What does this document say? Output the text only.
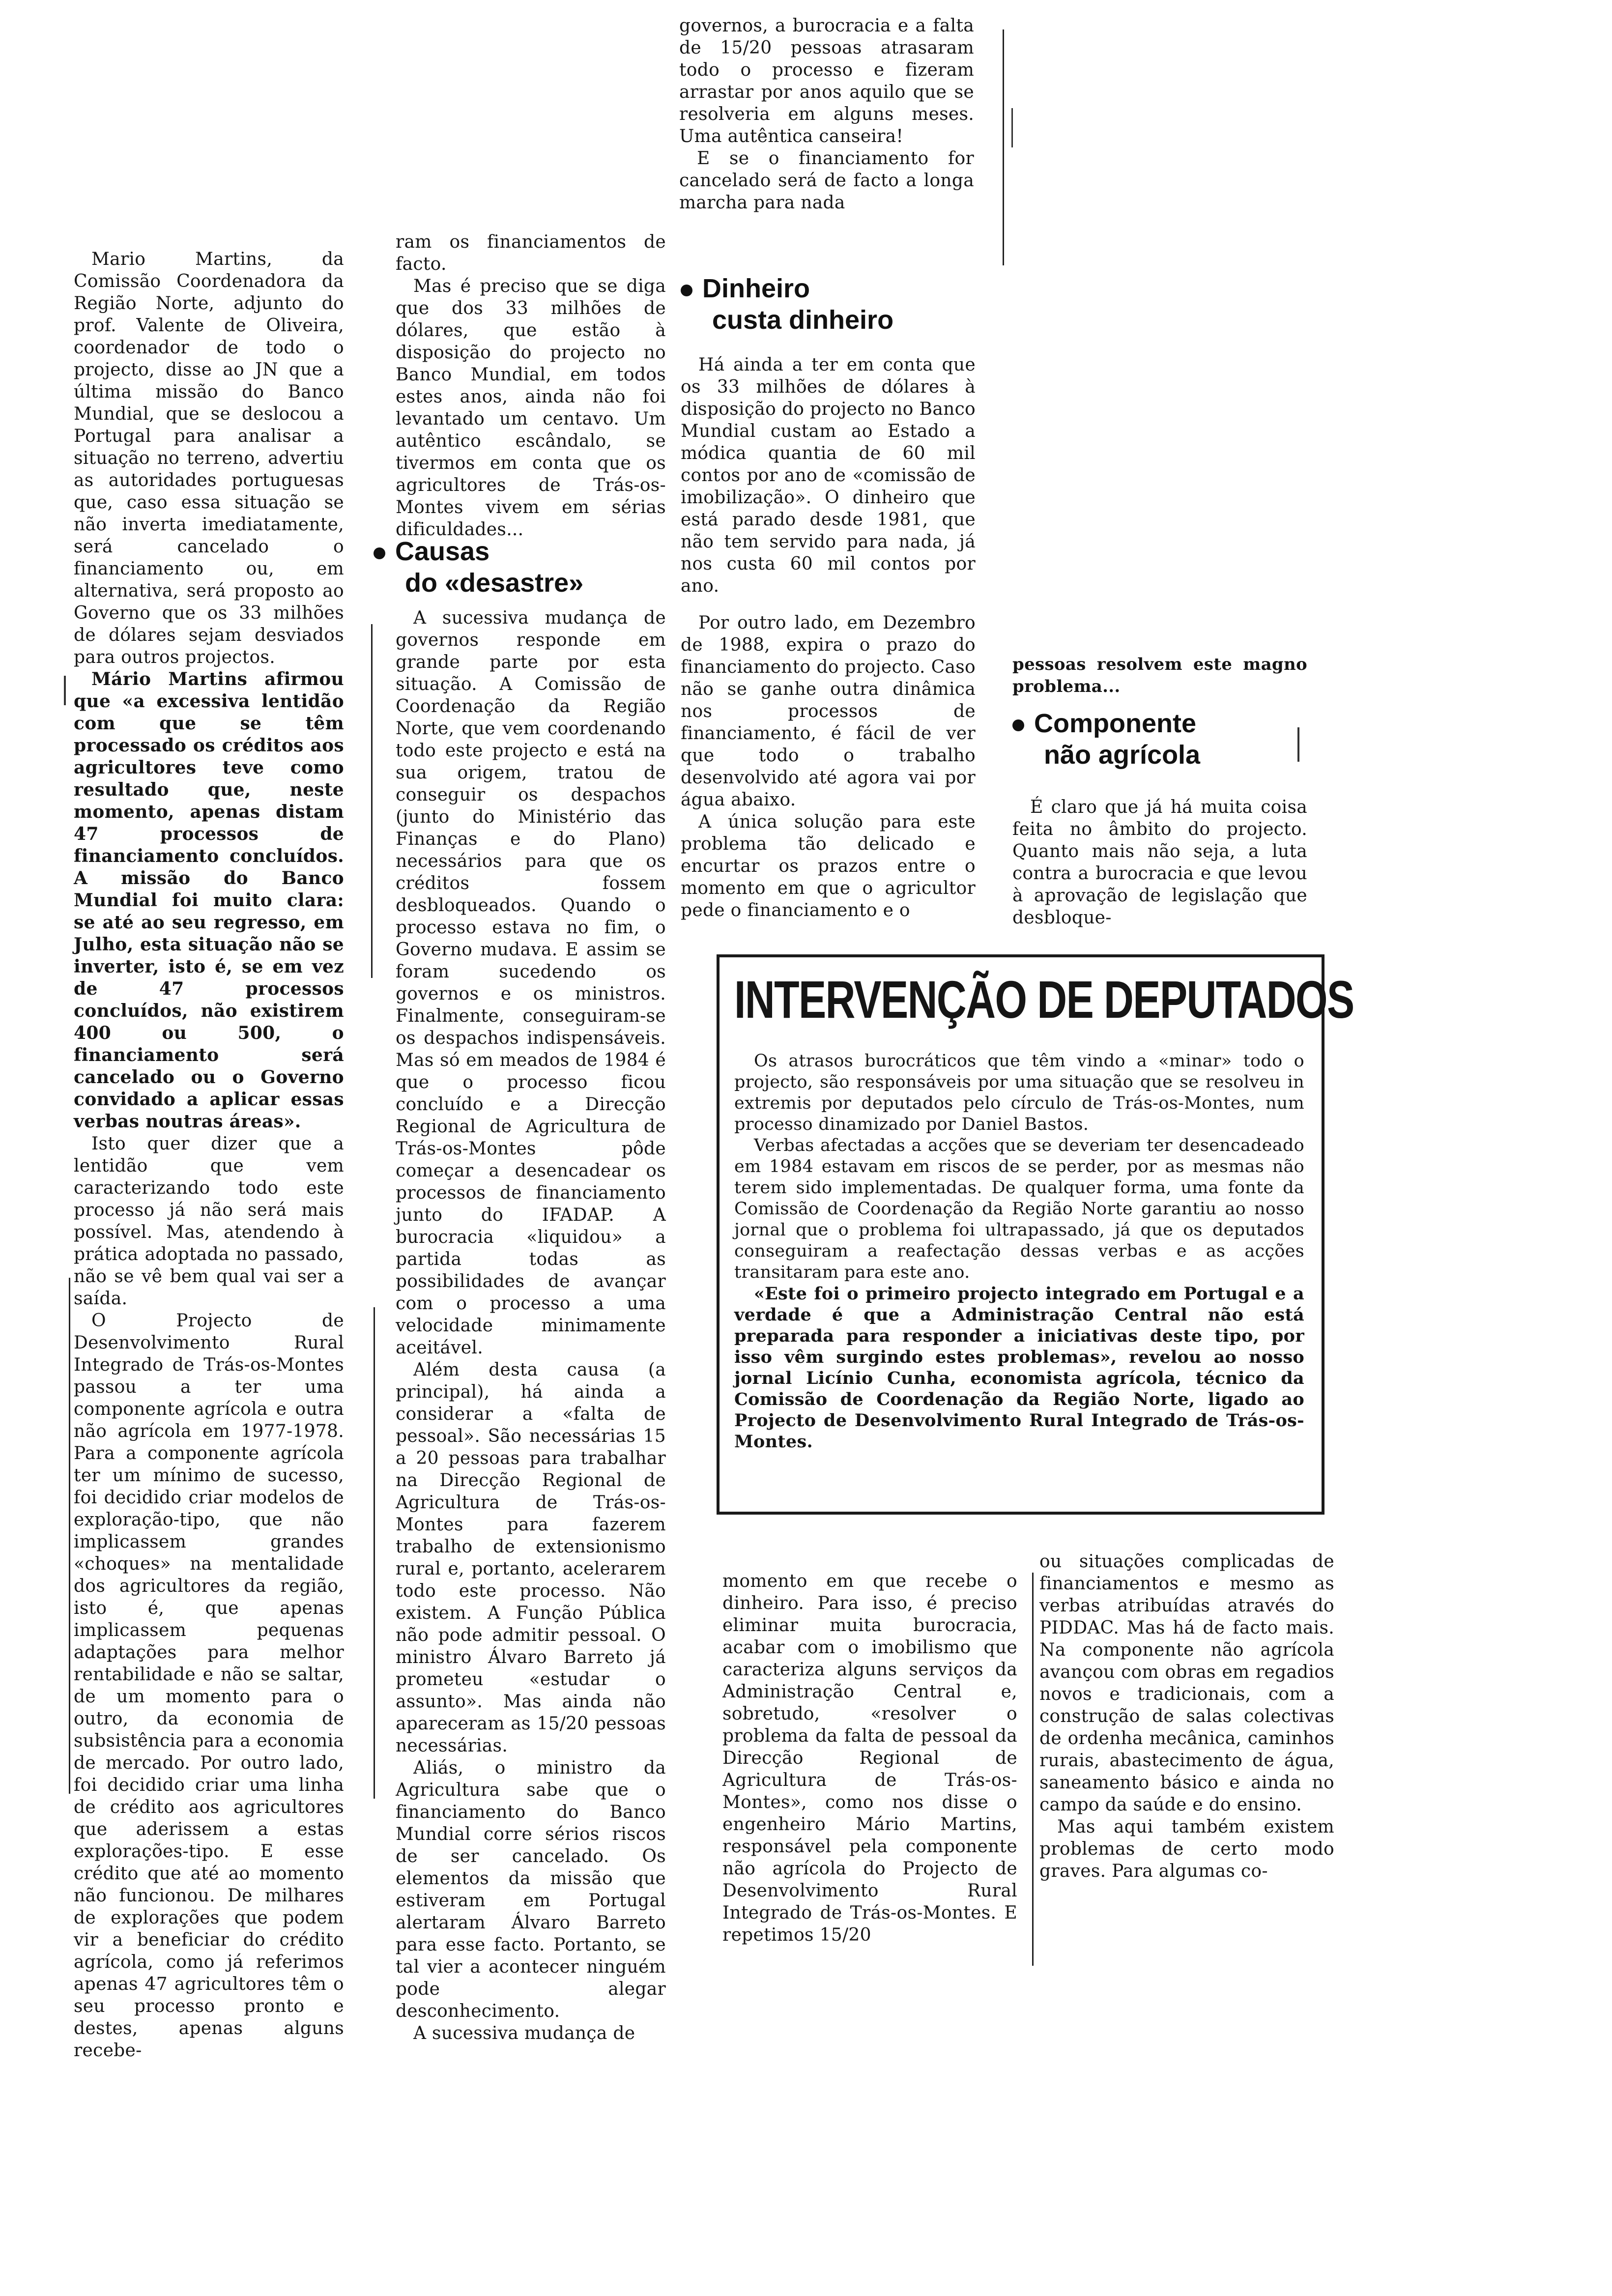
governos, a burocracia e a falta de 15/20 pessoas atrasaram todo o processo e fizeram arrastar por anos aquilo que se resolveria em alguns meses. Uma autêntica canseira!

E se o financiamento for cancelado será de facto a longa marcha para nada

Mario Martins, da Comissão Coordenadora da Região Norte, adjunto do prof. Valente de Oliveira, coordenador de todo o projecto, disse ao JN que a última missão do Banco Mundial, que se deslocou a Portugal para analisar a situação no terreno, advertiu as autoridades portuguesas que, caso essa situação se não inverta imediatamente, será cancelado o financiamento ou, em alternativa, será proposto ao Governo que os 33 milhões de dólares sejam desviados para outros projectos.

Mário Martins afirmou que «a excessiva lentidão com que se têm processado os créditos aos agricultores teve como resultado que, neste momento, apenas distam 47 processos de financiamento concluídos. A missão do Banco Mundial foi muito clara: se até ao seu regresso, em Julho, esta situação não se inverter, isto é, se em vez de 47 processos concluídos, não existirem 400 ou 500, o financiamento será cancelado ou o Governo convidado a aplicar essas verbas noutras áreas».

Isto quer dizer que a lentidão que vem caracterizando todo este processo já não será mais possível. Mas, atendendo à prática adoptada no passado, não se vê bem qual vai ser a saída.

O Projecto de Desenvolvimento Rural Integrado de Trás-os-Montes passou a ter uma componente agrícola e outra não agrícola em 1977-1978. Para a componente agrícola ter um mínimo de sucesso, foi decidido criar modelos de exploração-tipo, que não implicassem grandes «choques» na mentalidade dos agricultores da região, isto é, que apenas implicassem pequenas adaptações para melhor rentabilidade e não se saltar, de um momento para o outro, da economia de subsistência para a economia de mercado. Por outro lado, foi decidido criar uma linha de crédito aos agricultores que aderissem a estas explorações-tipo. E esse crédito que até ao momento não funcionou. De milhares de explorações que podem vir a beneficiar do crédito agrícola, como já referimos apenas 47 agricultores têm o seu processo pronto e destes, apenas alguns recebe-

ram os financiamentos de facto.

Mas é preciso que se diga que dos 33 milhões de dólares, que estão à disposição do projecto no Banco Mundial, em todos estes anos, ainda não foi levantado um centavo. Um autêntico escândalo, se tivermos em conta que os agricultores de Trás-os-Montes vivem em sérias dificuldades...

Causas
do «desastre»

A sucessiva mudança de governos responde em grande parte por esta situação. A Comissão de Coordenação da Região Norte, que vem coordenando todo este projecto e está na sua origem, tratou de conseguir os despachos (junto do Ministério das Finanças e do Plano) necessários para que os créditos fossem desbloqueados. Quando o processo estava no fim, o Governo mudava. E assim se foram sucedendo os governos e os ministros. Finalmente, conseguiram-se os despachos indispensáveis. Mas só em meados de 1984 é que o processo ficou concluído e a Direcção Regional de Agricultura de Trás-os-Montes pôde começar a desencadear os processos de financiamento junto do IFADAP. A burocracia «liquidou» a partida todas as possibilidades de avançar com o processo a uma velocidade minimamente aceitável.

Além desta causa (a principal), há ainda a considerar a «falta de pessoal». São necessárias 15 a 20 pessoas para trabalhar na Direcção Regional de Agricultura de Trás-os-Montes para fazerem trabalho de extensionismo rural e, portanto, acelerarem todo este processo. Não existem. A Função Pública não pode admitir pessoal. O ministro Álvaro Barreto já prometeu «estudar o assunto». Mas ainda não apareceram as 15/20 pessoas necessárias.

Aliás, o ministro da Agricultura sabe que o financiamento do Banco Mundial corre sérios riscos de ser cancelado. Os elementos da missão que estiveram em Portugal alertaram Álvaro Barreto para esse facto. Portanto, se tal vier a acontecer ninguém pode alegar desconhecimento.

A sucessiva mudança de

Dinheiro
custa dinheiro

Há ainda a ter em conta que os 33 milhões de dólares à disposição do projecto no Banco Mundial custam ao Estado a módica quantia de 60 mil contos por ano de «comissão de imobilização». O dinheiro que está parado desde 1981, que não tem servido para nada, já nos custa 60 mil contos por ano.

Por outro lado, em Dezembro de 1988, expira o prazo do financiamento do projecto. Caso não se ganhe outra dinâmica nos processos de financiamento, é fácil de ver que todo o trabalho desenvolvido até agora vai por água abaixo.

A única solução para este problema tão delicado e encurtar os prazos entre o momento em que o agricultor pede o financiamento e o

pessoas resolvem este magno problema...

Componente
não agrícola

É claro que já há muita coisa feita no âmbito do projecto. Quanto mais não seja, a luta contra a burocracia e que levou à aprovação de legislação que desbloque-

INTERVENÇÃO DE DEPUTADOS

Os atrasos burocráticos que têm vindo a «minar» todo o projecto, são responsáveis por uma situação que se resolveu in extremis por deputados pelo círculo de Trás-os-Montes, num processo dinamizado por Daniel Bastos.

Verbas afectadas a acções que se deveriam ter desencadeado em 1984 estavam em riscos de se perder, por as mesmas não terem sido implementadas. De qualquer forma, uma fonte da Comissão de Coordenação da Região Norte garantiu ao nosso jornal que o problema foi ultrapassado, já que os deputados conseguiram a reafectação dessas verbas e as acções transitaram para este ano.

«Este foi o primeiro projecto integrado em Portugal e a verdade é que a Administração Central não está preparada para responder a iniciativas deste tipo, por isso vêm surgindo estes problemas», revelou ao nosso jornal Licínio Cunha, economista agrícola, técnico da Comissão de Coordenação da Região Norte, ligado ao Projecto de Desenvolvimento Rural Integrado de Trás-os-Montes.

momento em que recebe o dinheiro. Para isso, é preciso eliminar muita burocracia, acabar com o imobilismo que caracteriza alguns serviços da Administração Central e, sobretudo, «resolver o problema da falta de pessoal da Direcção Regional de Agricultura de Trás-os-Montes», como nos disse o engenheiro Mário Martins, responsável pela componente não agrícola do Projecto de Desenvolvimento Rural Integrado de Trás-os-Montes. E repetimos 15/20

ou situações complicadas de financiamentos e mesmo as verbas atribuídas através do PIDDAC. Mas há de facto mais. Na componente não agrícola avançou com obras em regadios novos e tradicionais, com a construção de salas colectivas de ordenha mecânica, caminhos rurais, abastecimento de água, saneamento básico e ainda no campo da saúde e do ensino.

Mas aqui também existem problemas de certo modo graves. Para algumas co-
